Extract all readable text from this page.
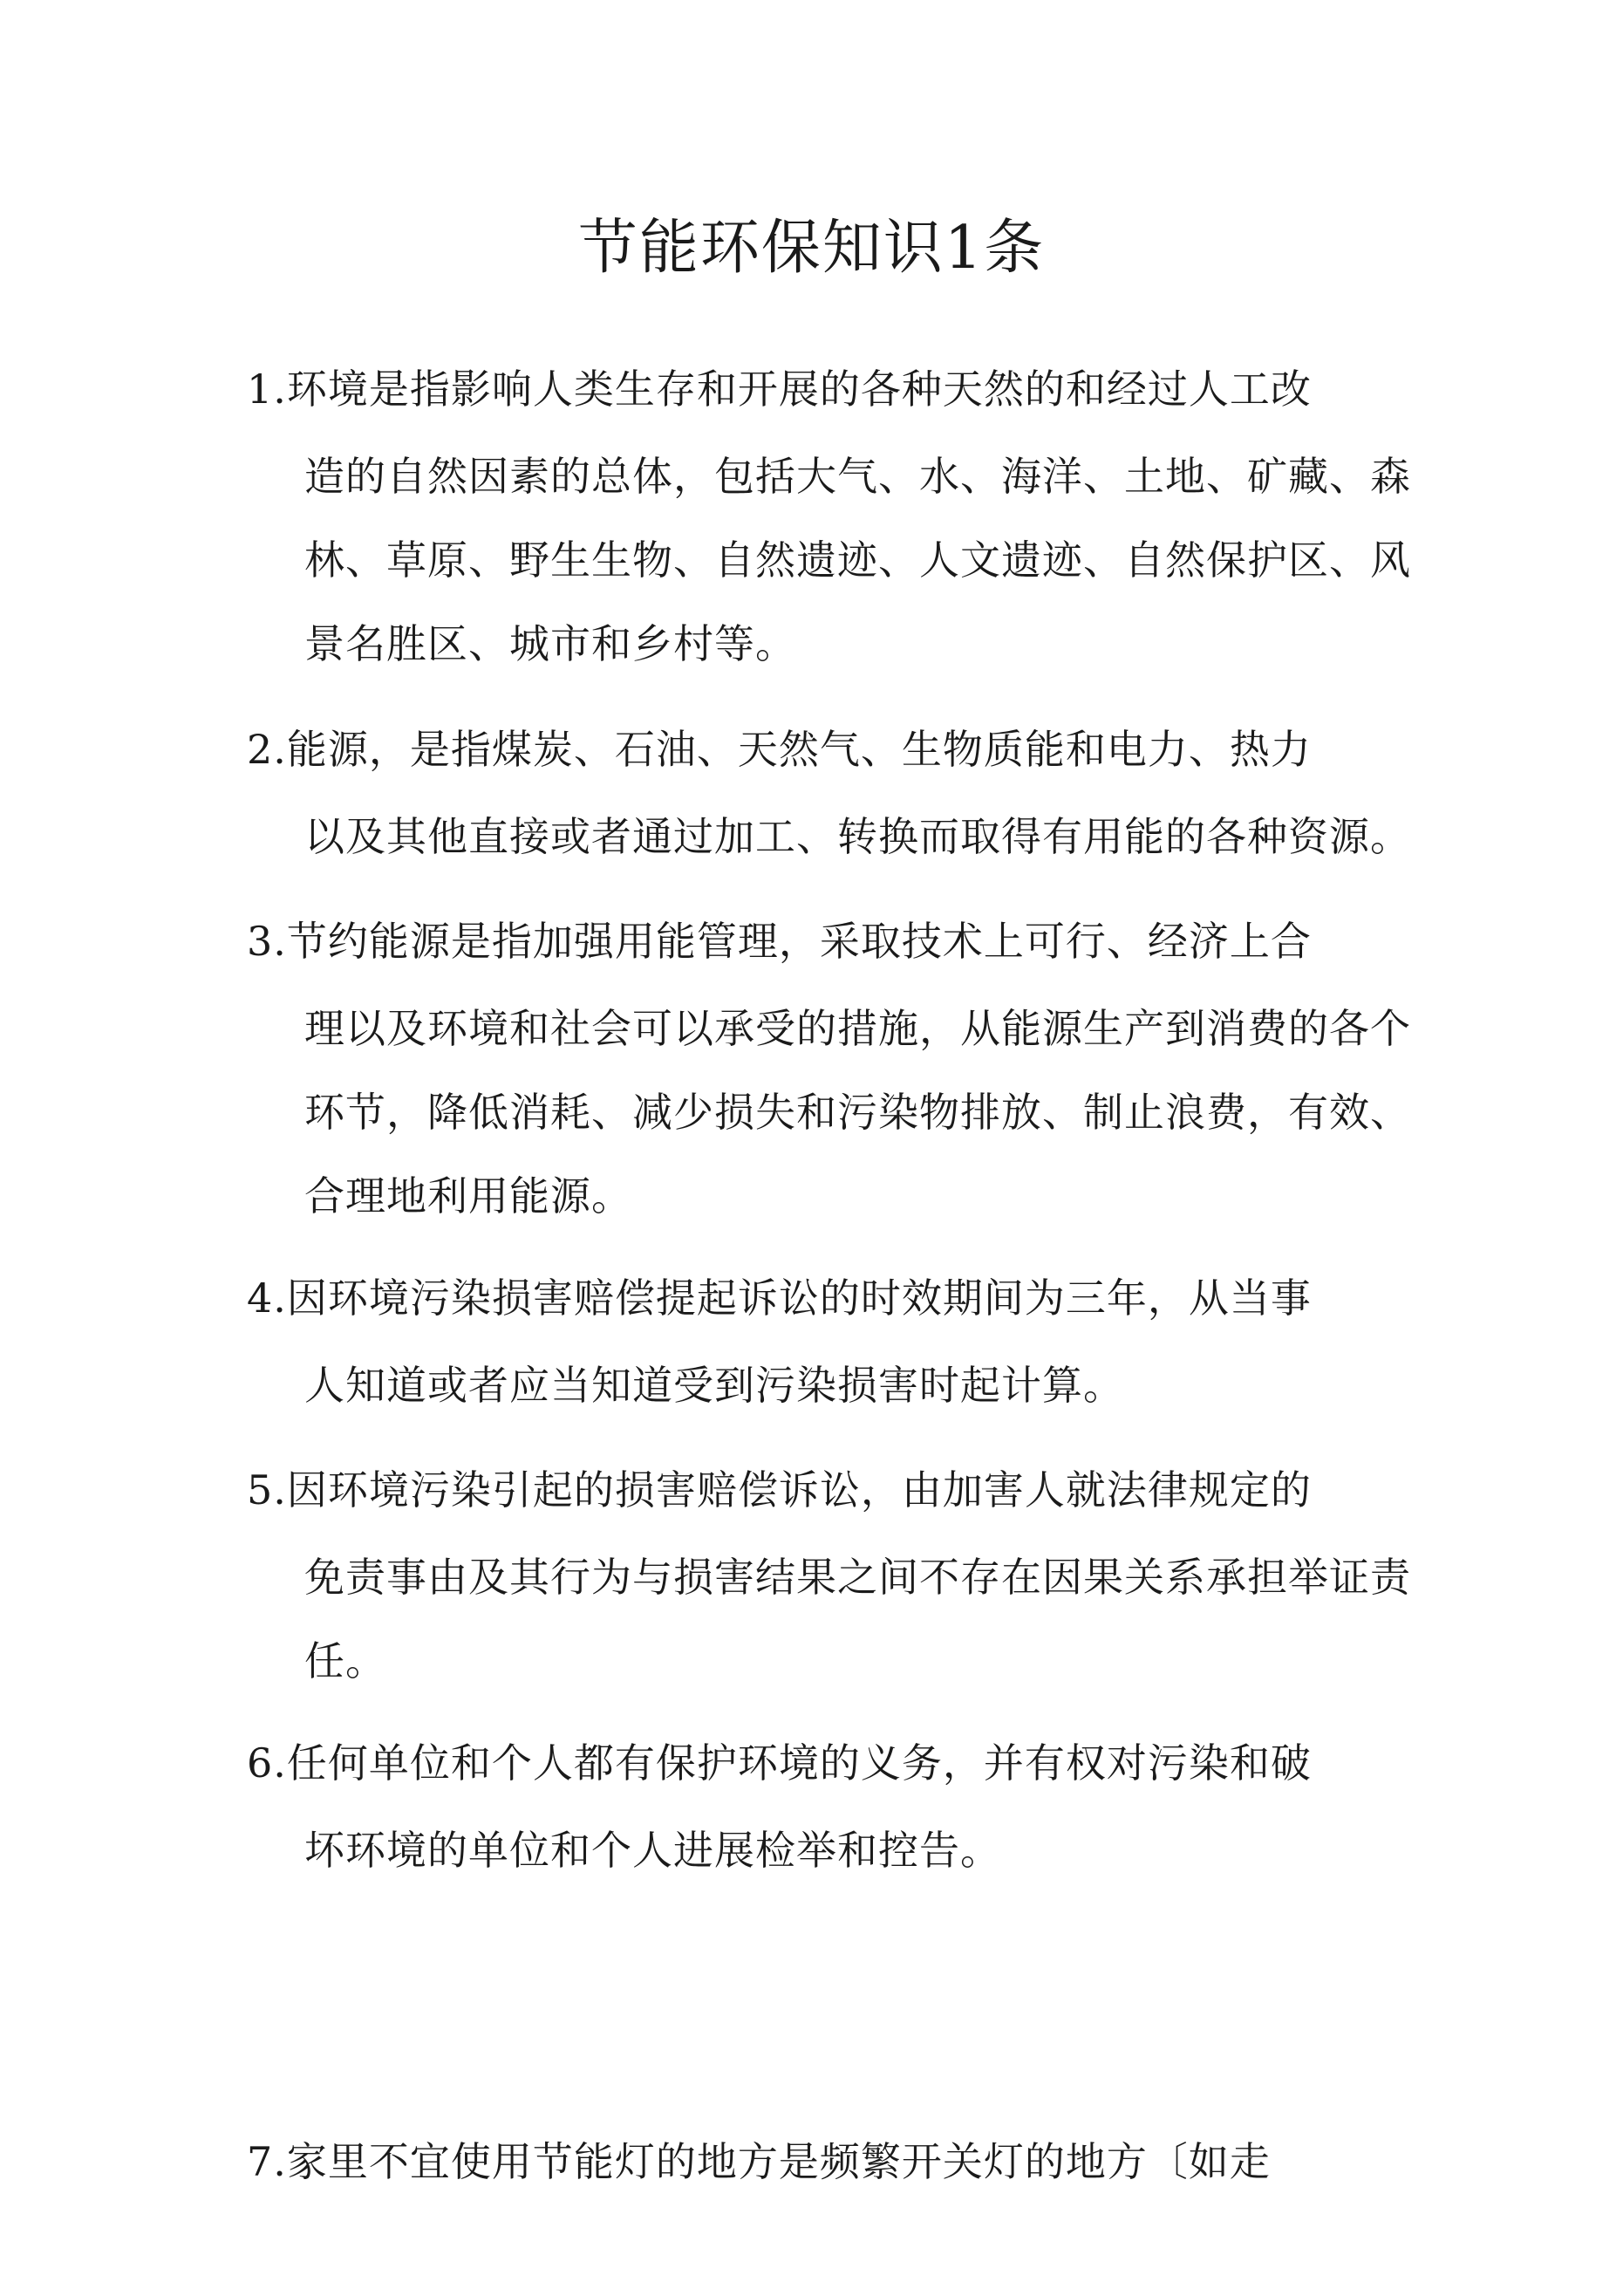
节能环保知识1条
1.环境是指影响人类生存和开展的各种天然的和经过人工改
造的自然因素的总体，包括大气、水、海洋、土地、矿藏、森
林、草原、野生生物、自然遗迹、人文遗迹、自然保护区、风
景名胜区、城市和乡村等。
2.能源，是指煤炭、石油、天然气、生物质能和电力、热力
以及其他直接或者通过加工、转换而取得有用能的各种资源。
3.节约能源是指加强用能管理，采取技术上可行、经济上合
理以及环境和社会可以承受的措施，从能源生产到消费的各个
环节，降低消耗、减少损失和污染物排放、制止浪费，有效、
合理地利用能源。
4.因环境污染损害赔偿提起诉讼的时效期间为三年，从当事
人知道或者应当知道受到污染损害时起计算。
5.因环境污染引起的损害赔偿诉讼，由加害人就法律规定的
免责事由及其行为与损害结果之间不存在因果关系承担举证责
任。
6.任何单位和个人都有保护环境的义务，并有权对污染和破
坏环境的单位和个人进展检举和控告。
7.家里不宜使用节能灯的地方是频繁开关灯的地方〔如走
